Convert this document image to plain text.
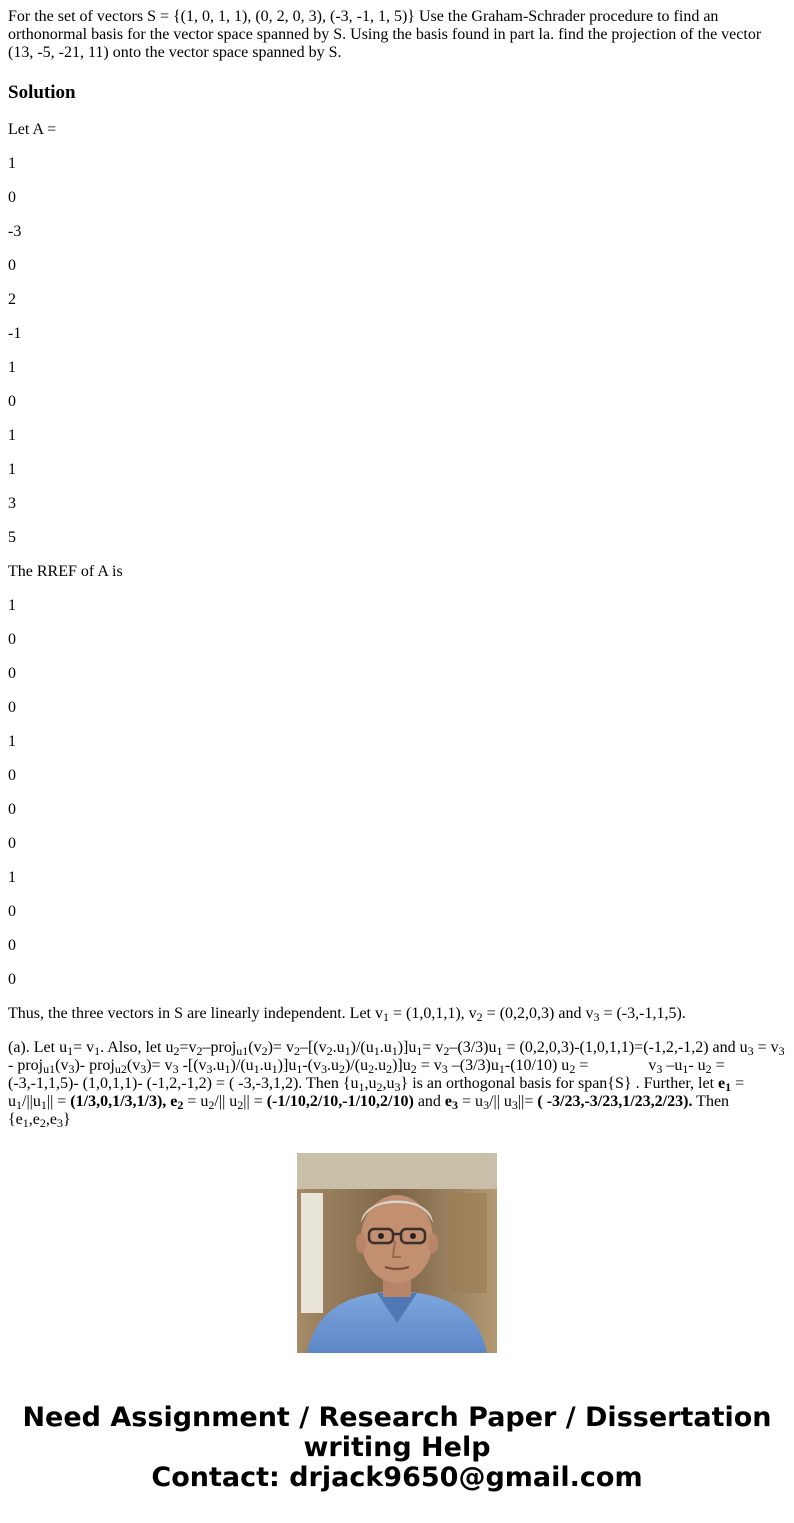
For the set of vectors S = {(1, 0, 1, 1), (0, 2, 0, 3), (-3, -1, 1, 5)} Use the Graham-Schrader procedure to find an orthonormal basis for the vector space spanned by S. Using the basis found in part la. find the projection of the vector (13, -5, -21, 11) onto the vector space spanned by S.

Solution

Let A =

1
0
-3
0
2
-1
1
0
1
1
3
5

The RREF of A is

1
0
0
0
1
0
0
0
1
0
0
0

Thus, the three vectors in S are linearly independent. Let $v_1 = (1,0,1,1)$, $v_2 = (0,2,0,3)$ and $v_3 = (-3,-1,1,5)$.

(a). Let $u_1= v_1$. Also, let $u_2=v_2-proj_{u1}(v_2)= v_2-[(v_2.u_1)/(u_1.u_1)]u_1= v_2-(3/3)u_1 = (0,2,0,3)-(1,0,1,1)=(-1,2,-1,2)$ and $u_3 = v_3$ - $proj_{u1}(v_3)-$ $proj_{u2}(v_3)= v_3$ $-[(v_3.u_1)/(u_1.u_1)]u_1-(v_3.u_2)/(u_2.u_2)]u_2 = v_3$ $-(3/3)u_1-(10/10) u_2$ =               $v_3$ $-u_1-$ $u_2 = (-3,-1,1,5)-$ (1,0,1,1)- (-1,2,-1,2) = ( -3,-3,1,2). Then $\{u_1,u_2,u_3\}$ is an orthogonal basis for span{S} . Further, let $e_1 = u_1/||u_1|| = (1/3,0,1/3,1/3)$, $e_2 = u_2/||$ $u_2|| = (-1/10,2/10,-1/10,2/10)$ and $e_3 = u_3/||$ $u_3||=$ ( -3/23,-3/23,1/23,2/23). Then $\{e_1,e_2,e_3\}$

Need Assignment / Research Paper / Dissertation
writing Help
Contact: drjack9650@gmail.com
